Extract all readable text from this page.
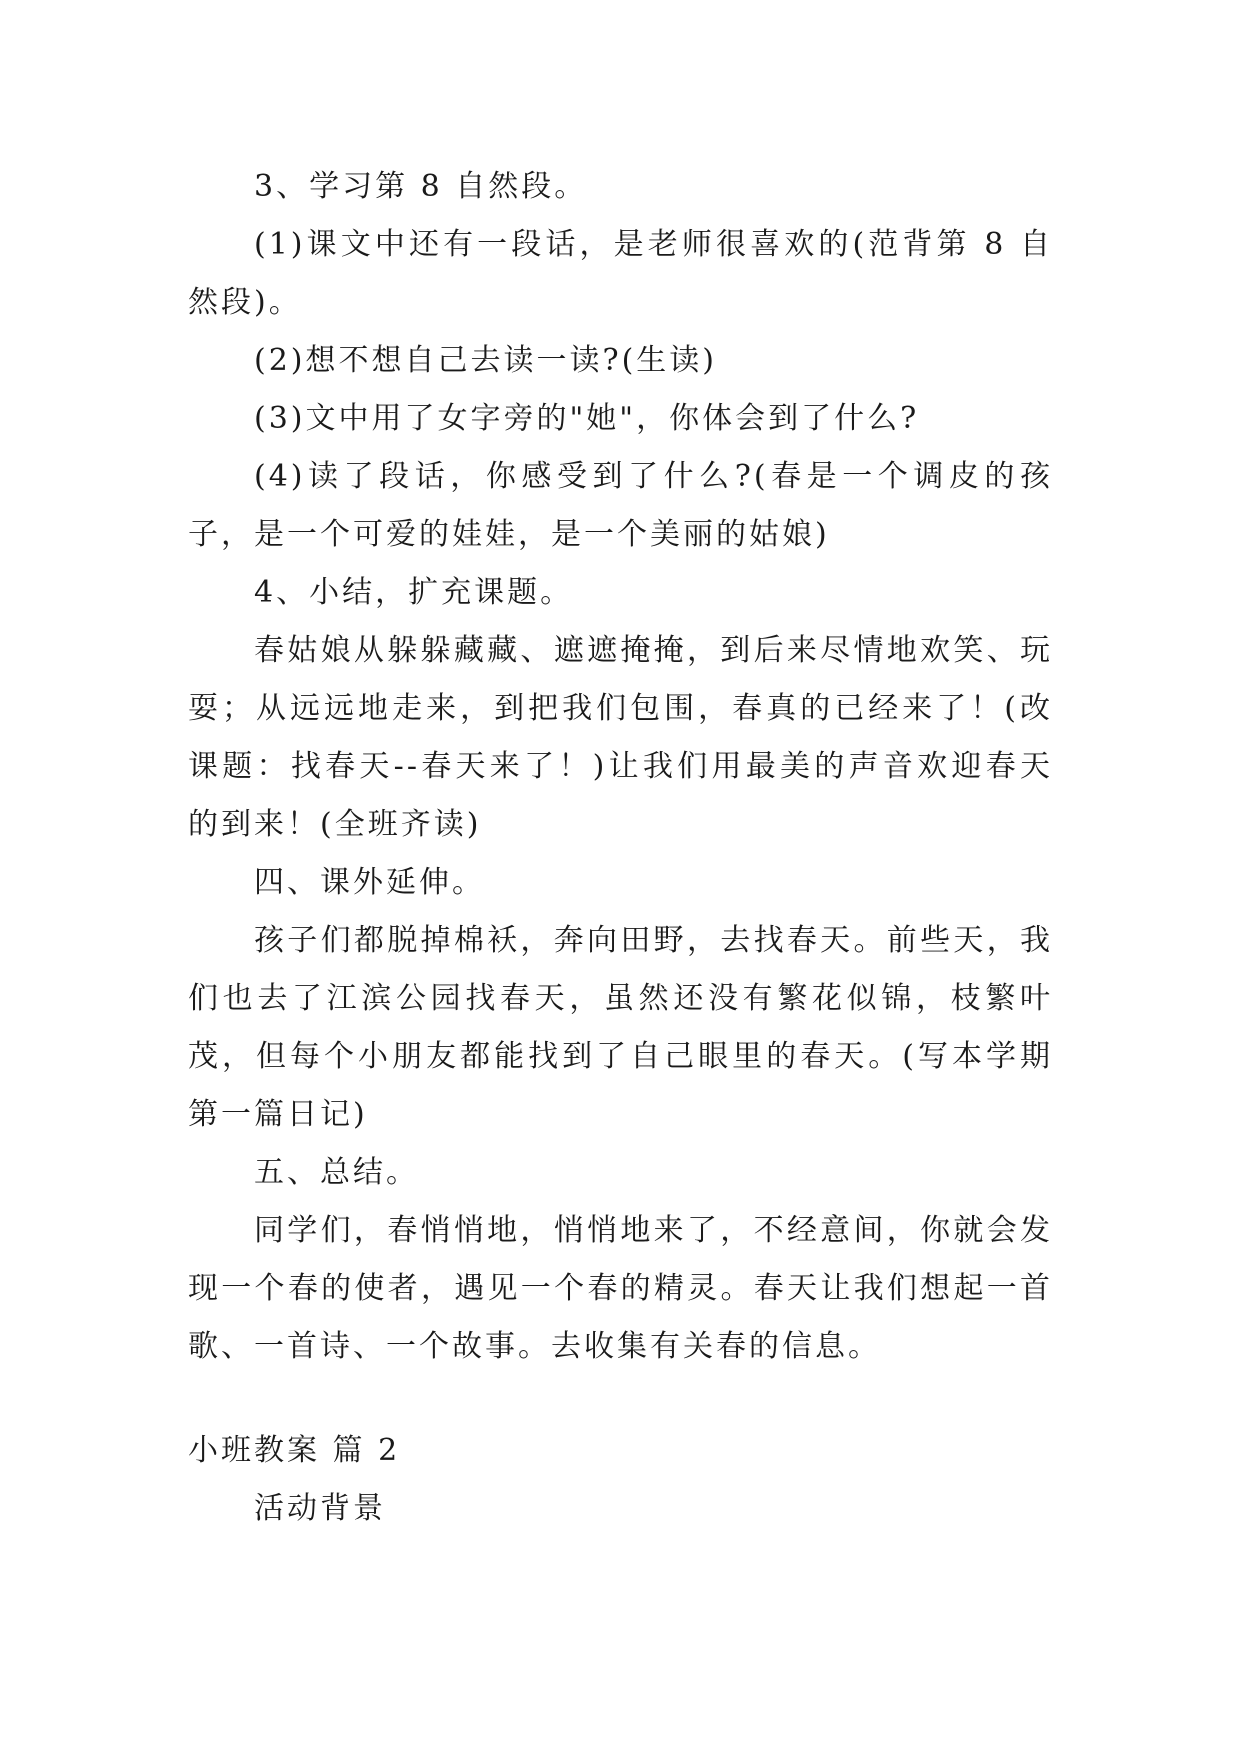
3、学习第 8 自然段。

(1)课文中还有一段话，是老师很喜欢的(范背第 8 自然段)。

(2)想不想自己去读一读?(生读)

(3)文中用了女字旁的"她"，你体会到了什么?

(4)读了段话，你感受到了什么?(春是一个调皮的孩子，是一个可爱的娃娃，是一个美丽的姑娘)

4、小结，扩充课题。

春姑娘从躲躲藏藏、遮遮掩掩，到后来尽情地欢笑、玩耍；从远远地走来，到把我们包围，春真的已经来了！(改课题：找春天--春天来了！)让我们用最美的声音欢迎春天的到来！(全班齐读)

四、课外延伸。

孩子们都脱掉棉袄，奔向田野，去找春天。前些天，我们也去了江滨公园找春天，虽然还没有繁花似锦，枝繁叶茂，但每个小朋友都能找到了自己眼里的春天。(写本学期第一篇日记)

五、总结。

同学们，春悄悄地，悄悄地来了，不经意间，你就会发现一个春的使者，遇见一个春的精灵。春天让我们想起一首歌、一首诗、一个故事。去收集有关春的信息。

小班教案 篇 2

活动背景
